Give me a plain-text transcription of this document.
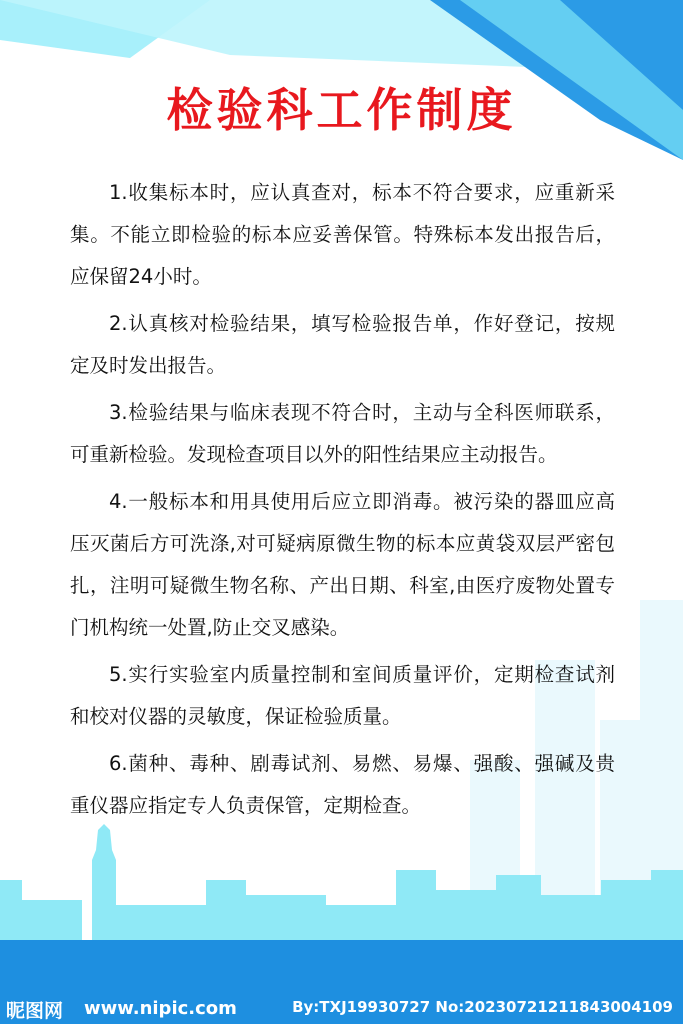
检验科工作制度

1.收集标本时，应认真查对，标本不符合要求，应重新采集。不能立即检验的标本应妥善保管。特殊标本发出报告后，应保留24小时。

2.认真核对检验结果，填写检验报告单，作好登记，按规定及时发出报告。

3.检验结果与临床表现不符合时，主动与全科医师联系，可重新检验。发现检查项目以外的阳性结果应主动报告。

4.一般标本和用具使用后应立即消毒。被污染的器皿应高压灭菌后方可洗涤,对可疑病原微生物的标本应黄袋双层严密包扎，注明可疑微生物名称、产出日期、科室,由医疗废物处置专门机构统一处置,防止交叉感染。

5.实行实验室内质量控制和室间质量评价，定期检查试剂和校对仪器的灵敏度，保证检验质量。

6.菌种、毒种、剧毒试剂、易燃、易爆、强酸、强碱及贵重仪器应指定专人负责保管，定期检查。

昵图网 www.nipic.com	By:TXJ19930727 No:20230721211843004109
